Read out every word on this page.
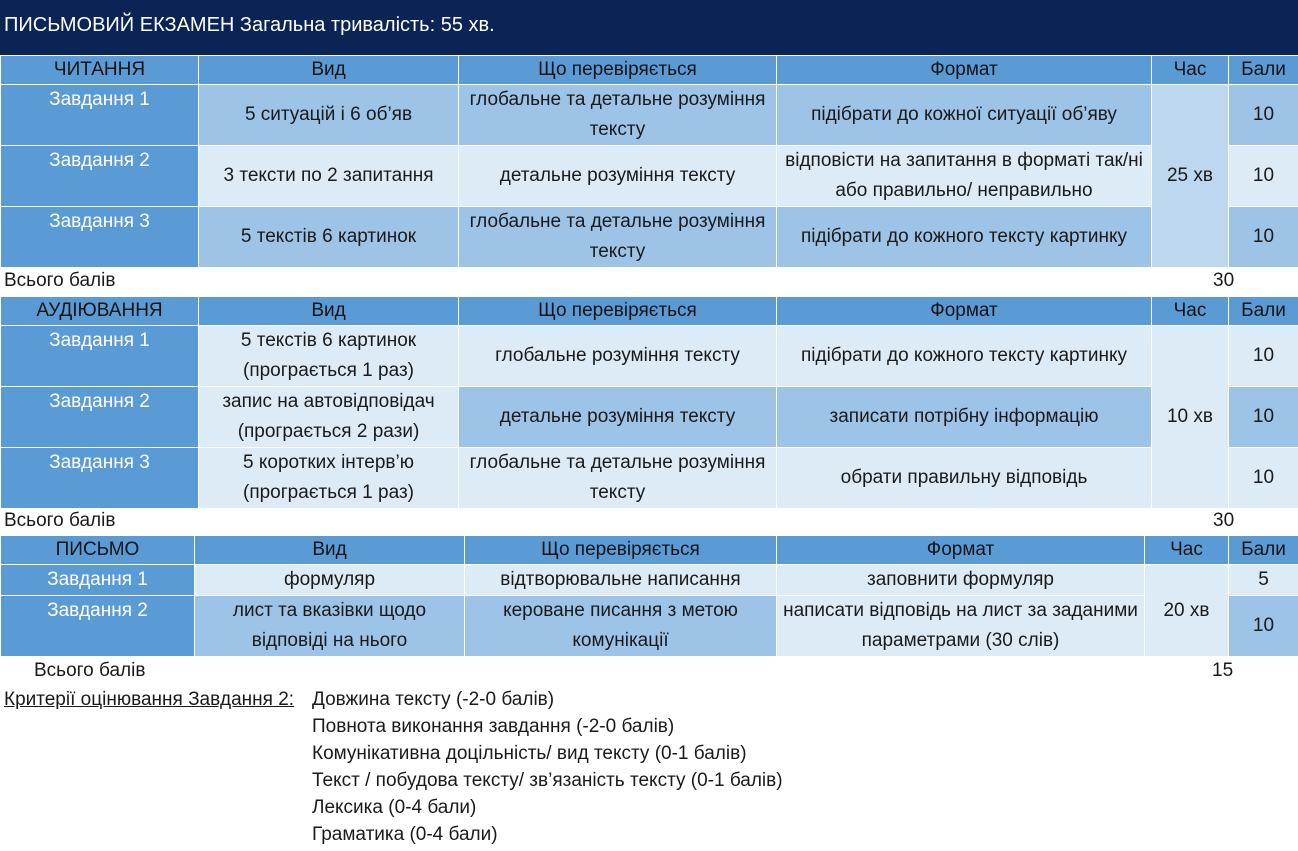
ПИСЬМОВИЙ ЕКЗАМЕН Загальна тривалість: 55 хв.
ЧИТАННЯ	Вид	Що перевіряється	Формат	Час	Бали
Завдання 1	5 ситуацій і 6 об’яв	глобальне та детальне розуміння тексту	підібрати до кожної ситуації об’яву	25 хв	10
Завдання 2	3 тексти по 2 запитання	детальне розуміння тексту	відповісти на запитання в форматі так/ні або правильно/ неправильно		10
Завдання 3	5 текстів 6 картинок	глобальне та детальне розуміння тексту	підібрати до кожного тексту картинку		10
Всього балів	30
АУДІЮВАННЯ	Вид	Що перевіряється	Формат	Час	Бали
Завдання 1	5 текстів 6 картинок (програється 1 раз)	глобальне розуміння тексту	підібрати до кожного тексту картинку	10 хв	10
Завдання 2	запис на автовідповідач (програється 2 рази)	детальне розуміння тексту	записати потрібну інформацію		10
Завдання 3	5 коротких інтерв’ю (програється 1 раз)	глобальне та детальне розуміння тексту	обрати правильну відповідь		10
Всього балів	30
ПИСЬМО	Вид	Що перевіряється	Формат	Час	Бали
Завдання 1	формуляр	відтворювальне написання	заповнити формуляр	20 хв	5
Завдання 2	лист та вказівки щодо відповіді на нього	кероване писання з метою комунікації	написати відповідь на лист за заданими параметрами (30 слів)		10
Всього балів	15
Критерії оцінювання Завдання 2: Довжина тексту (-2-0 балів)
Повнота виконання завдання (-2-0 балів)
Комунікативна доцільність/ вид тексту (0-1 балів)
Текст / побудова тексту/ зв’язаність тексту (0-1 балів)
Лексика (0-4 бали)
Граматика (0-4 бали)
